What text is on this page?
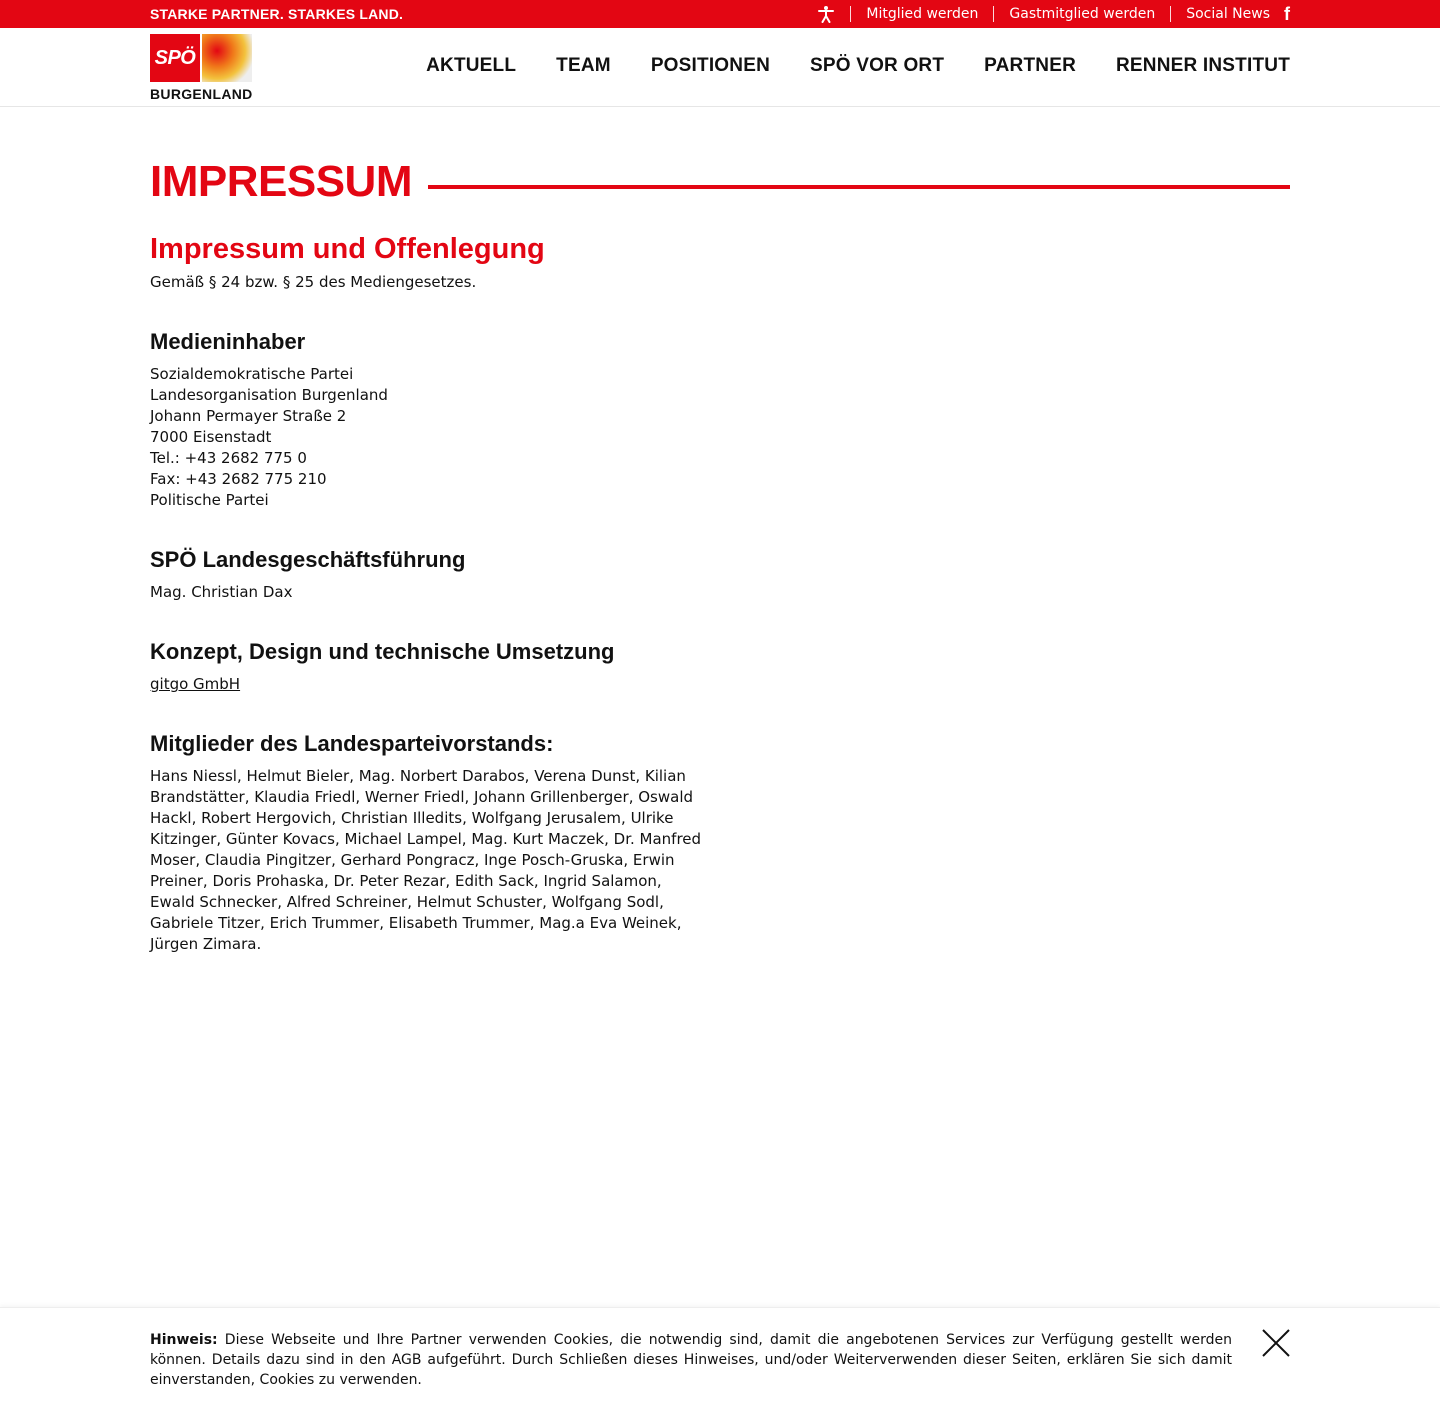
STARKE PARTNER. STARKES LAND.	Mitglied werden Gastmitglied werden Social News f
SPÖ
BURGENLAND
AKTUELL TEAM POSITIONEN SPÖ VOR ORT PARTNER RENNER INSTITUT
IMPRESSUM
Impressum und Offenlegung

Gemäß § 24 bzw. § 25 des Mediengesetzes.

Medieninhaber
Sozialdemokratische Partei
Landesorganisation Burgenland
Johann Permayer Straße 2
7000 Eisenstadt
Tel.: +43 2682 775 0
Fax: +43 2682 775 210
Politische Partei
SPÖ Landesgeschäftsführung
Mag. Christian Dax
Konzept, Design und technische Umsetzung
gitgo GmbH
Mitglieder des Landesparteivorstands:
Hans Niessl, Helmut Bieler, Mag. Norbert Darabos, Verena Dunst, Kilian Brandstätter, Klaudia Friedl, Werner Friedl, Johann Grillenberger, Oswald Hackl, Robert Hergovich, Christian Illedits, Wolfgang Jerusalem, Ulrike Kitzinger, Günter Kovacs, Michael Lampel, Mag. Kurt Maczek, Dr. Manfred Moser, Claudia Pingitzer, Gerhard Pongracz, Inge Posch-Gruska, Erwin Preiner, Doris Prohaska, Dr. Peter Rezar, Edith Sack, Ingrid Salamon, Ewald Schnecker, Alfred Schreiner, Helmut Schuster, Wolfgang Sodl, Gabriele Titzer, Erich Trummer, Elisabeth Trummer, Mag.a Eva Weinek, Jürgen Zimara.
Hinweis: Diese Webseite und Ihre Partner verwenden Cookies, die notwendig sind, damit die angebotenen Services zur Verfügung gestellt werden können. Details dazu sind in den AGB aufgeführt. Durch Schließen dieses Hinweises, und/oder Weiterverwenden dieser Seiten, erklären Sie sich damit einverstanden, Cookies zu verwenden.
